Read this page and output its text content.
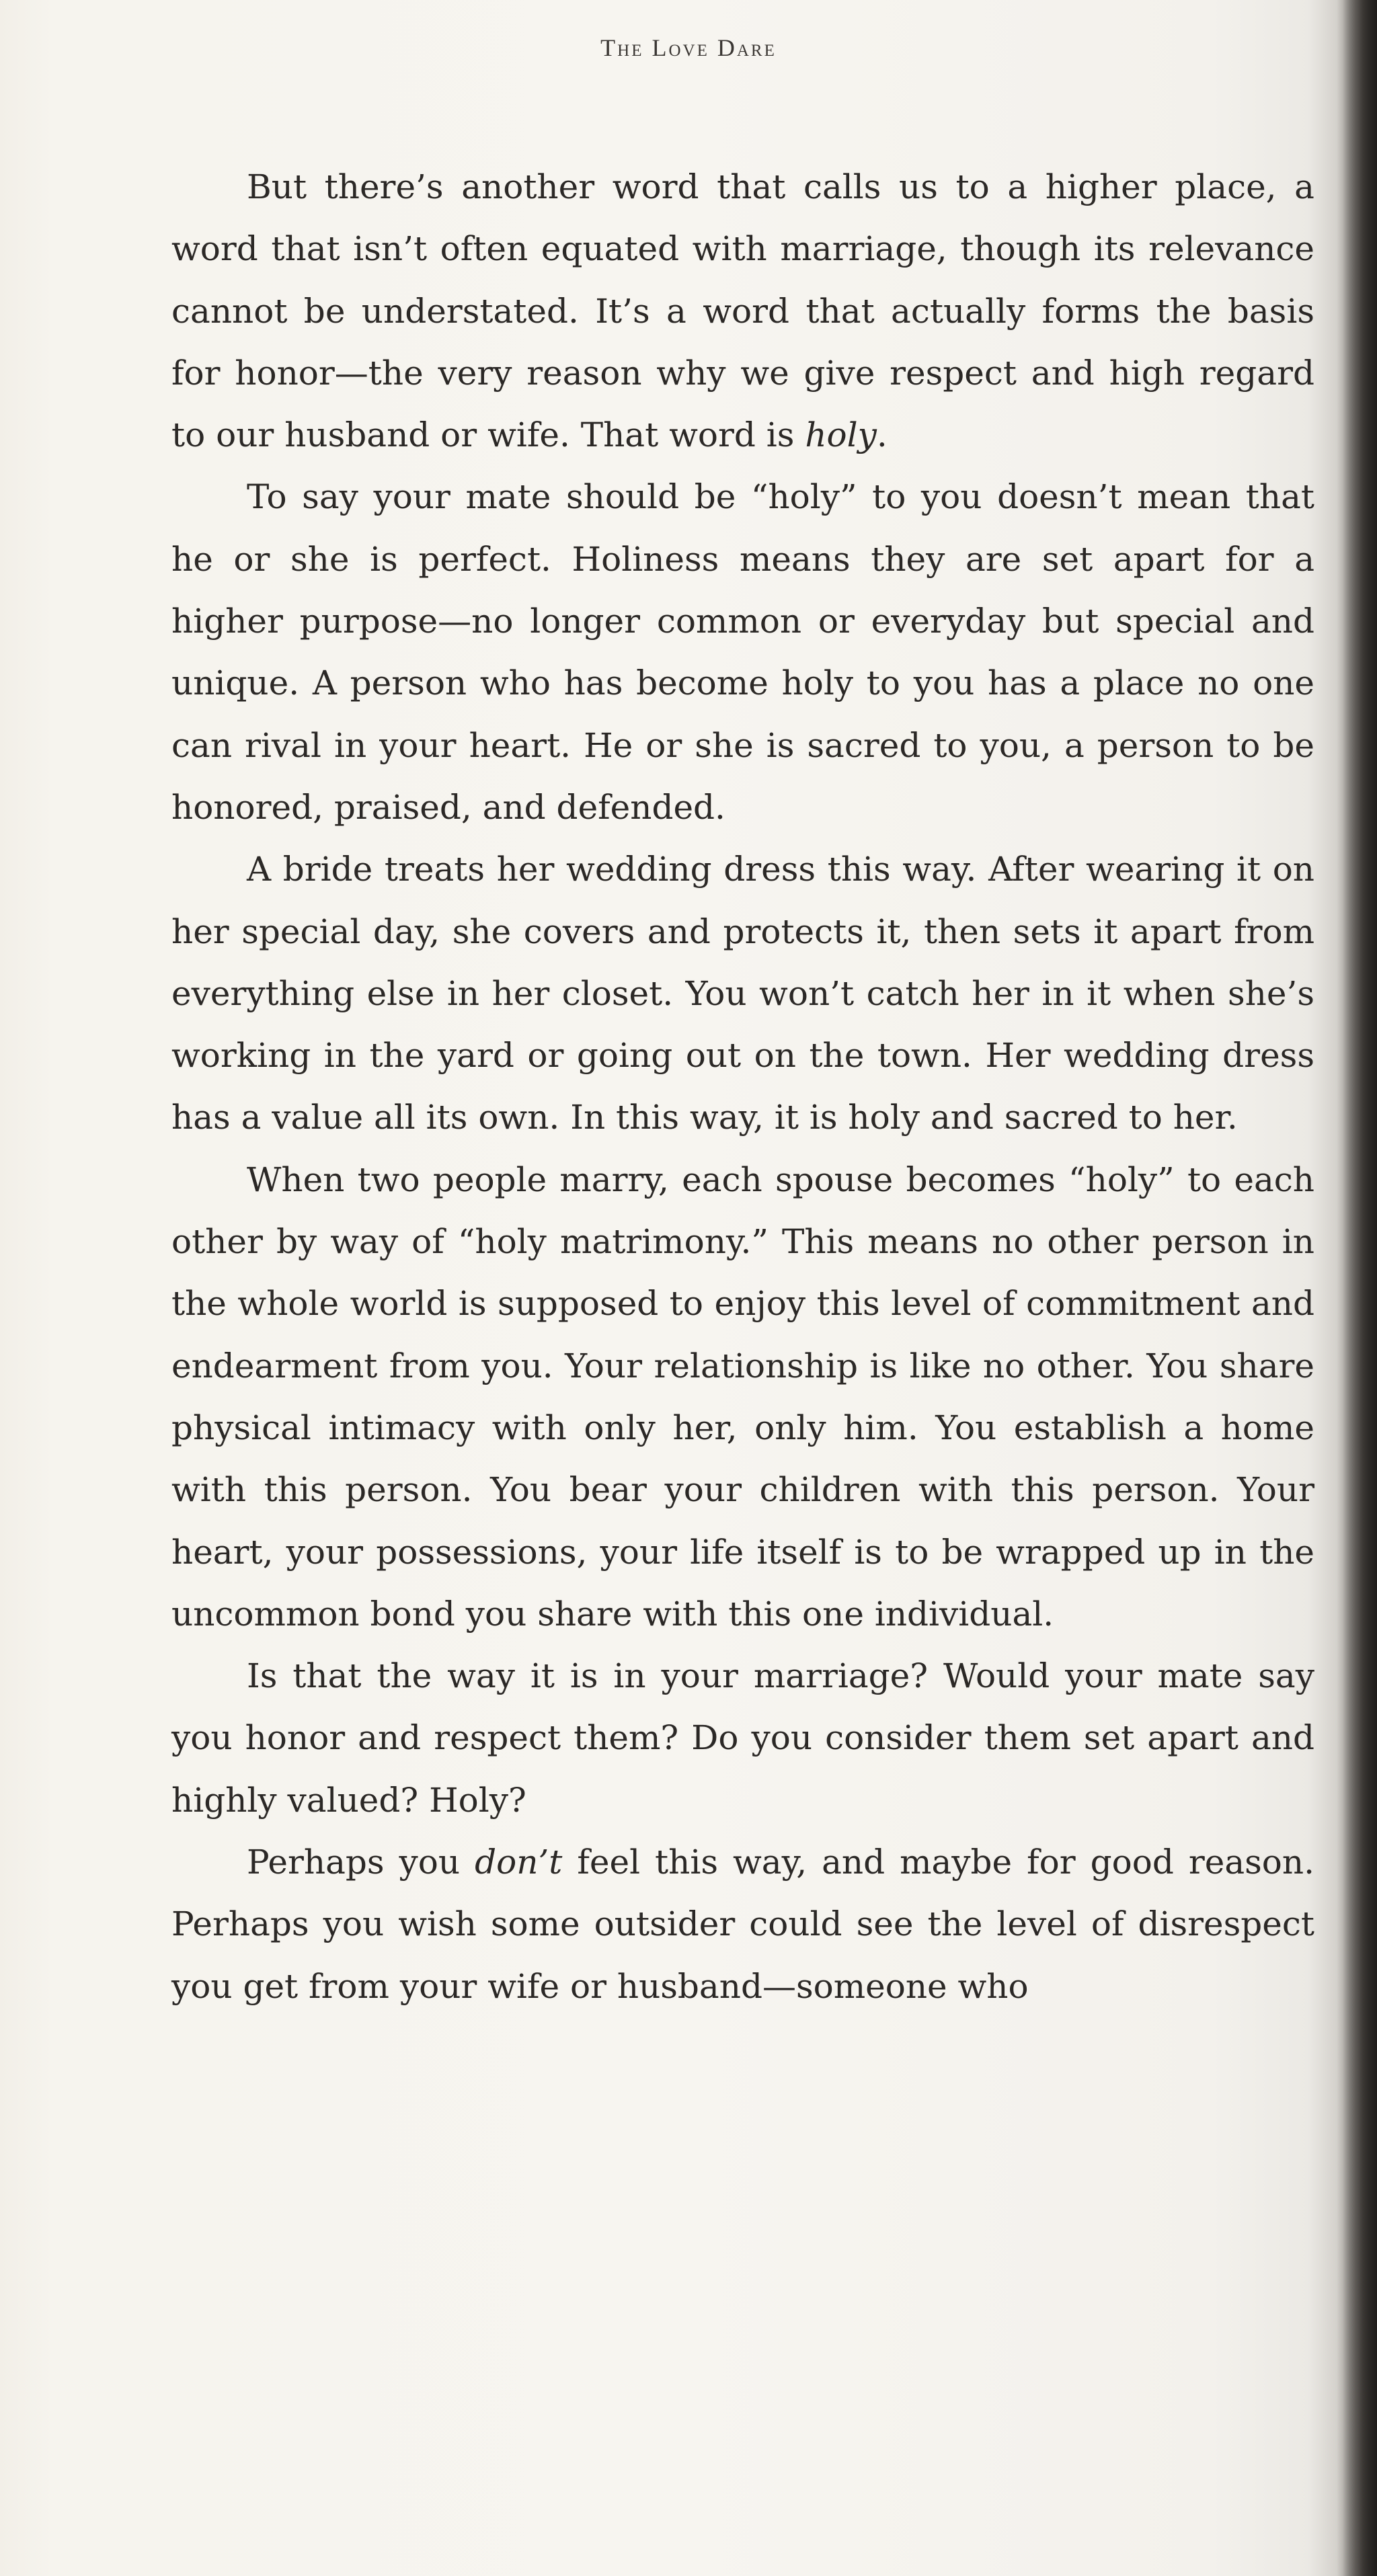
The Love Dare

But there’s another word that calls us to a higher place, a word that isn’t often equated with marriage, though its relevance cannot be understated. It’s a word that actually forms the basis for honor—the very reason why we give respect and high regard to our husband or wife. That word is holy.

To say your mate should be “holy” to you doesn’t mean that he or she is perfect. Holiness means they are set apart for a higher purpose—no longer common or everyday but special and unique. A person who has become holy to you has a place no one can rival in your heart. He or she is sacred to you, a person to be honored, praised, and defended.

A bride treats her wedding dress this way. After wearing it on her special day, she covers and protects it, then sets it apart from everything else in her closet. You won’t catch her in it when she’s working in the yard or going out on the town. Her wedding dress has a value all its own. In this way, it is holy and sacred to her.

When two people marry, each spouse becomes “holy” to each other by way of “holy matrimony.” This means no other person in the whole world is supposed to enjoy this level of commitment and endearment from you. Your relationship is like no other. You share physical intimacy with only her, only him. You establish a home with this person. You bear your children with this person. Your heart, your possessions, your life itself is to be wrapped up in the uncommon bond you share with this one individual.

Is that the way it is in your marriage? Would your mate say you honor and respect them? Do you consider them set apart and highly valued? Holy?

Perhaps you don’t feel this way, and maybe for good reason. Perhaps you wish some outsider could see the level of disrespect you get from your wife or husband—someone who
